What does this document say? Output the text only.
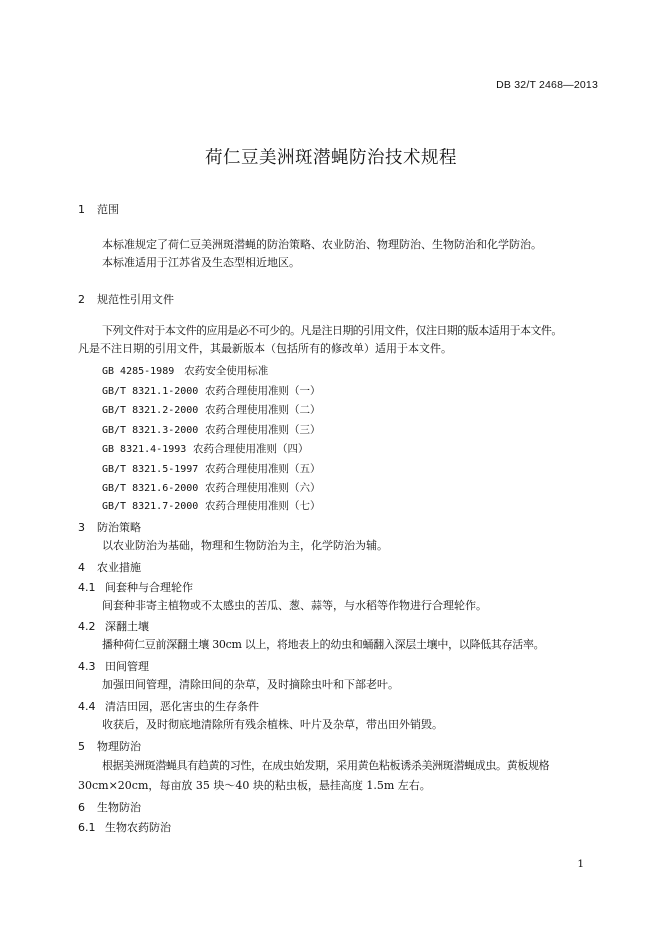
DB 32/T 2468—2013
荷仁豆美洲斑潜蝇防治技术规程
1 范围
本标准规定了荷仁豆美洲斑潜蝇的防治策略、农业防治、物理防治、生物防治和化学防治。
本标准适用于江苏省及生态型相近地区。
2 规范性引用文件
下列文件对于本文件的应用是必不可少的。凡是注日期的引用文件，仅注日期的版本适用于本文件。
凡是不注日期的引用文件，其最新版本（包括所有的修改单）适用于本文件。
GB 4285-1989 农药安全使用标准
GB/T 8321.1-2000 农药合理使用准则（一）
GB/T 8321.2-2000 农药合理使用准则（二）
GB/T 8321.3-2000 农药合理使用准则（三）
GB 8321.4-1993 农药合理使用准则（四）
GB/T 8321.5-1997 农药合理使用准则（五）
GB/T 8321.6-2000 农药合理使用准则（六）
GB/T 8321.7-2000 农药合理使用准则（七）
3 防治策略
以农业防治为基础，物理和生物防治为主，化学防治为辅。
4 农业措施
4.1 间套种与合理轮作
间套种非寄主植物或不太感虫的苦瓜、葱、蒜等，与水稻等作物进行合理轮作。
4.2 深翻土壤
播种荷仁豆前深翻土壤 30cm 以上，将地表上的幼虫和蛹翻入深层土壤中，以降低其存活率。
4.3 田间管理
加强田间管理，清除田间的杂草，及时摘除虫叶和下部老叶。
4.4 清洁田园，恶化害虫的生存条件
收获后，及时彻底地清除所有残余植株、叶片及杂草，带出田外销毁。
5 物理防治
根据美洲斑潜蝇具有趋黄的习性，在成虫始发期，采用黄色粘板诱杀美洲斑潜蝇成虫。黄板规格
30cm×20cm，每亩放 35 块～40 块的粘虫板，悬挂高度 1.5m 左右。
6 生物防治
6.1 生物农药防治
1
